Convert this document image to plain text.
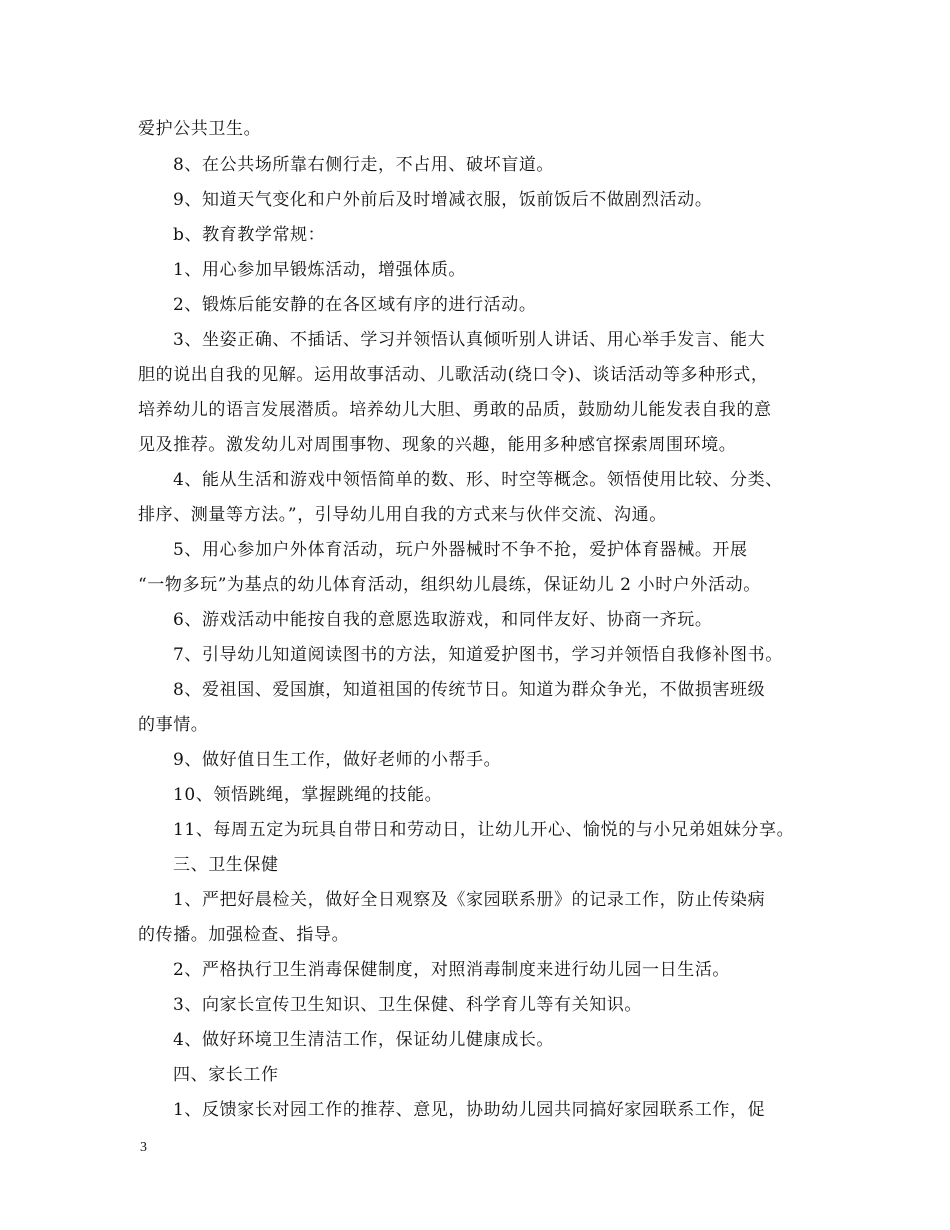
爱护公共卫生。
8、在公共场所靠右侧行走，不占用、破坏盲道。
9、知道天气变化和户外前后及时增减衣服，饭前饭后不做剧烈活动。
b、教育教学常规：
1、用心参加早锻炼活动，增强体质。
2、锻炼后能安静的在各区域有序的进行活动。
3、坐姿正确、不插话、学习并领悟认真倾听别人讲话、用心举手发言、能大
胆的说出自我的见解。运用故事活动、儿歌活动(绕口令)、谈话活动等多种形式，
培养幼儿的语言发展潜质。培养幼儿大胆、勇敢的品质，鼓励幼儿能发表自我的意
见及推荐。激发幼儿对周围事物、现象的兴趣，能用多种感官探索周围环境。
4、能从生活和游戏中领悟简单的数、形、时空等概念。领悟使用比较、分类、
排序、测量等方法。”，引导幼儿用自我的方式来与伙伴交流、沟通。
5、用心参加户外体育活动，玩户外器械时不争不抢，爱护体育器械。开展
“一物多玩”为基点的幼儿体育活动，组织幼儿晨练，保证幼儿 2 小时户外活动。
6、游戏活动中能按自我的意愿选取游戏，和同伴友好、协商一齐玩。
7、引导幼儿知道阅读图书的方法，知道爱护图书，学习并领悟自我修补图书。
8、爱祖国、爱国旗，知道祖国的传统节日。知道为群众争光，不做损害班级
的事情。
9、做好值日生工作，做好老师的小帮手。
10、领悟跳绳，掌握跳绳的技能。
11、每周五定为玩具自带日和劳动日，让幼儿开心、愉悦的与小兄弟姐妹分享。
三、卫生保健
1、严把好晨检关，做好全日观察及《家园联系册》的记录工作，防止传染病
的传播。加强检查、指导。
2、严格执行卫生消毒保健制度，对照消毒制度来进行幼儿园一日生活。
3、向家长宣传卫生知识、卫生保健、科学育儿等有关知识。
4、做好环境卫生清洁工作，保证幼儿健康成长。
四、家长工作
1、反馈家长对园工作的推荐、意见，协助幼儿园共同搞好家园联系工作，促
3
